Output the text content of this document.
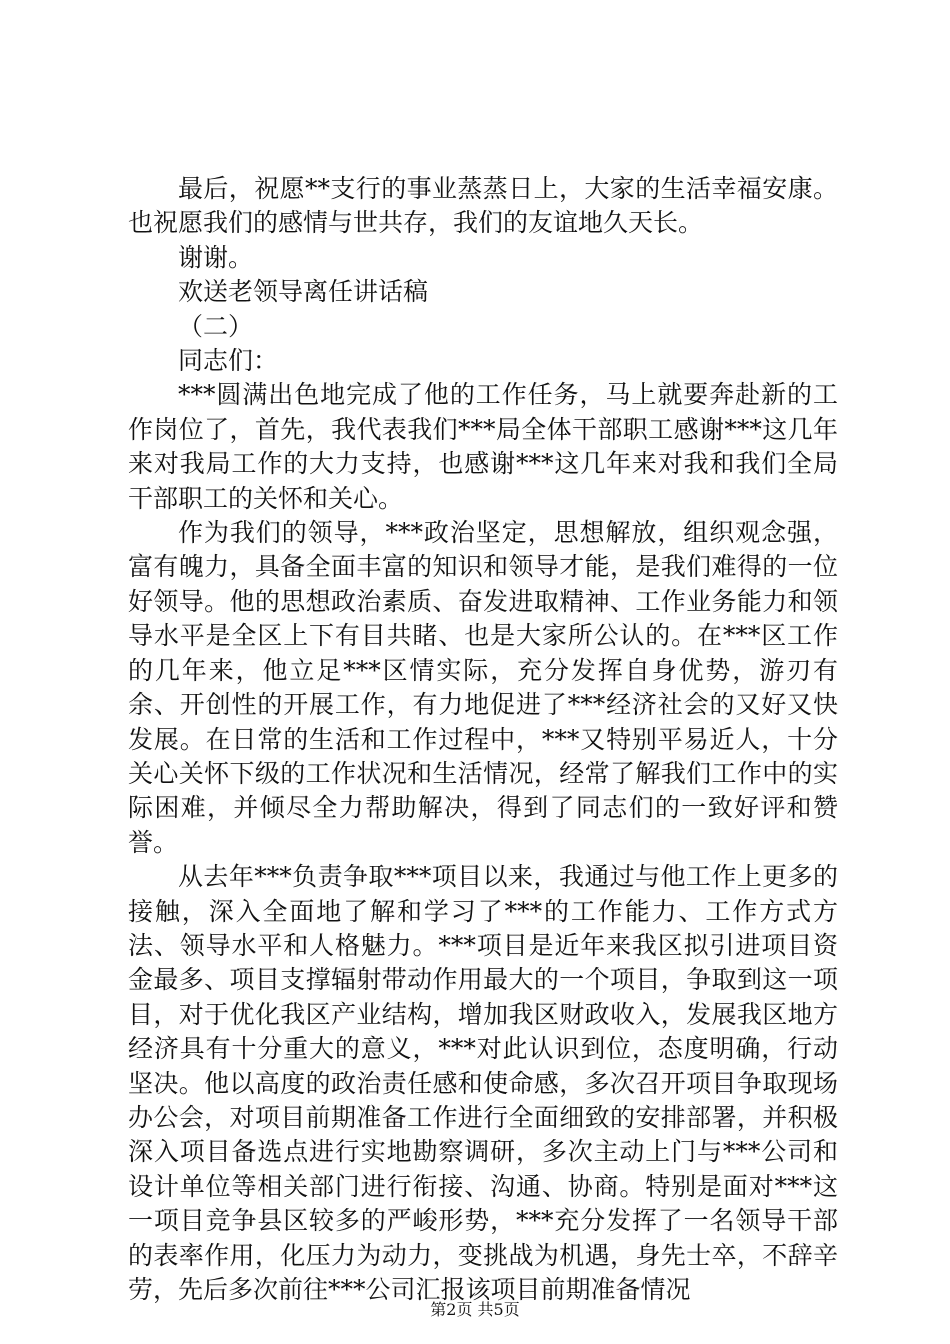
最后，祝愿**支行的事业蒸蒸日上，大家的生活幸福安康。也祝愿我们的感情与世共存，我们的友谊地久天长。

谢谢。

欢送老领导离任讲话稿

（二）

同志们：

***圆满出色地完成了他的工作任务，马上就要奔赴新的工作岗位了，首先，我代表我们***局全体干部职工感谢***这几年来对我局工作的大力支持，也感谢***这几年来对我和我们全局干部职工的关怀和关心。

作为我们的领导，***政治坚定，思想解放，组织观念强，富有魄力，具备全面丰富的知识和领导才能，是我们难得的一位好领导。他的思想政治素质、奋发进取精神、工作业务能力和领导水平是全区上下有目共睹、也是大家所公认的。在***区工作的几年来，他立足***区情实际，充分发挥自身优势，游刃有余、开创性的开展工作，有力地促进了***经济社会的又好又快发展。在日常的生活和工作过程中，***又特别平易近人，十分关心关怀下级的工作状况和生活情况，经常了解我们工作中的实际困难，并倾尽全力帮助解决，得到了同志们的一致好评和赞誉。

从去年***负责争取***项目以来，我通过与他工作上更多的接触，深入全面地了解和学习了***的工作能力、工作方式方法、领导水平和人格魅力。***项目是近年来我区拟引进项目资金最多、项目支撑辐射带动作用最大的一个项目，争取到这一项目，对于优化我区产业结构，增加我区财政收入，发展我区地方经济具有十分重大的意义，***对此认识到位，态度明确，行动坚决。他以高度的政治责任感和使命感，多次召开项目争取现场办公会，对项目前期准备工作进行全面细致的安排部署，并积极深入项目备选点进行实地勘察调研，多次主动上门与***公司和设计单位等相关部门进行衔接、沟通、协商。特别是面对***这一项目竞争县区较多的严峻形势，***充分发挥了一名领导干部的表率作用，化压力为动力，变挑战为机遇，身先士卒，不辞辛劳，先后多次前往***公司汇报该项目前期准备情况

第2页 共5页
